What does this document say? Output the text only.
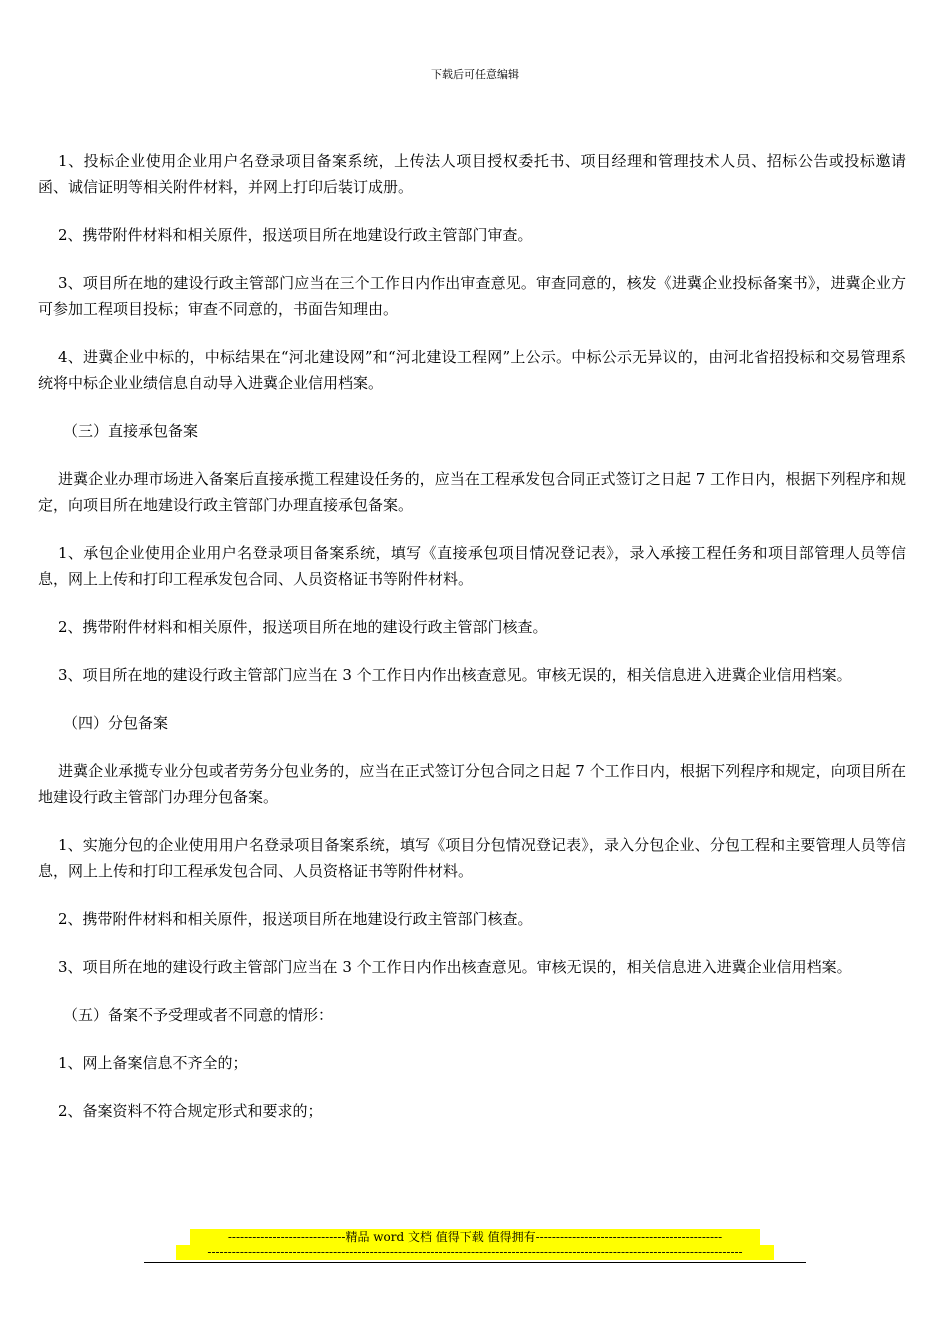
下载后可任意编辑

1、投标企业使用企业用户名登录项目备案系统，上传法人项目授权委托书、项目经理和管理技术人员、招标公告或投标邀请函、诚信证明等相关附件材料，并网上打印后装订成册。

2、携带附件材料和相关原件，报送项目所在地建设行政主管部门审查。

3、项目所在地的建设行政主管部门应当在三个工作日内作出审查意见。审查同意的，核发《进冀企业投标备案书》，进冀企业方可参加工程项目投标；审查不同意的，书面告知理由。

4、进冀企业中标的，中标结果在“河北建设网”和“河北建设工程网”上公示。中标公示无异议的，由河北省招投标和交易管理系统将中标企业业绩信息自动导入进冀企业信用档案。

（三）直接承包备案

进冀企业办理市场进入备案后直接承揽工程建设任务的，应当在工程承发包合同正式签订之日起 7 工作日内，根据下列程序和规定，向项目所在地建设行政主管部门办理直接承包备案。

1、承包企业使用企业用户名登录项目备案系统，填写《直接承包项目情况登记表》，录入承接工程任务和项目部管理人员等信息，网上上传和打印工程承发包合同、人员资格证书等附件材料。

2、携带附件材料和相关原件，报送项目所在地的建设行政主管部门核查。

3、项目所在地的建设行政主管部门应当在 3 个工作日内作出核查意见。审核无误的，相关信息进入进冀企业信用档案。

（四）分包备案

进冀企业承揽专业分包或者劳务分包业务的，应当在正式签订分包合同之日起 7 个工作日内，根据下列程序和规定，向项目所在地建设行政主管部门办理分包备案。

1、实施分包的企业使用用户名登录项目备案系统，填写《项目分包情况登记表》，录入分包企业、分包工程和主要管理人员等信息，网上上传和打印工程承发包合同、人员资格证书等附件材料。

2、携带附件材料和相关原件，报送项目所在地建设行政主管部门核查。

3、项目所在地的建设行政主管部门应当在 3 个工作日内作出核查意见。审核无误的，相关信息进入进冀企业信用档案。

（五）备案不予受理或者不同意的情形：

1、网上备案信息不齐全的；

2、备案资料不符合规定形式和要求的；

-----------------------------精品 word 文档 值得下载 值得拥有----------------------------------------------
------------------------------------------------------------------------------------------------------------------------------------
